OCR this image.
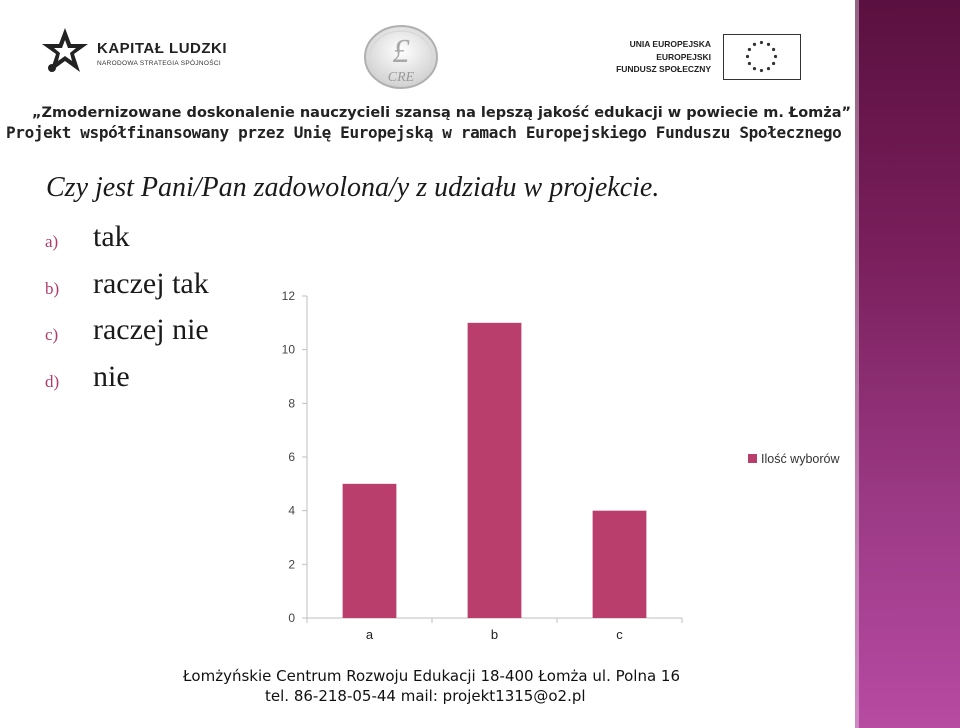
KAPITAŁ LUDZKI
NARODOWA STRATEGIA SPÓJNOŚCI	£
CRE
UNIA EUROPEJSKA
EUROPEJSKI
FUNDUSZ SPOŁECZNY
„Zmodernizowane doskonalenie nauczycieli szansą na lepszą jakość edukacji w powiecie m. Łomża”
Projekt współfinansowany przez Unię Europejską w ramach Europejskiego Funduszu Społecznego
Czy jest Pani/Pan zadowolona/y z udziału w projekcie.
a) tak
b) raczej tak
c) raczej nie
d) nie
0
2
4
6
8
10
12
a	b	c
Ilość wyborów
Łomżyńskie Centrum Rozwoju Edukacji 18-400 Łomża ul. Polna 16
tel. 86-218-05-44 mail: projekt1315@o2.pl
